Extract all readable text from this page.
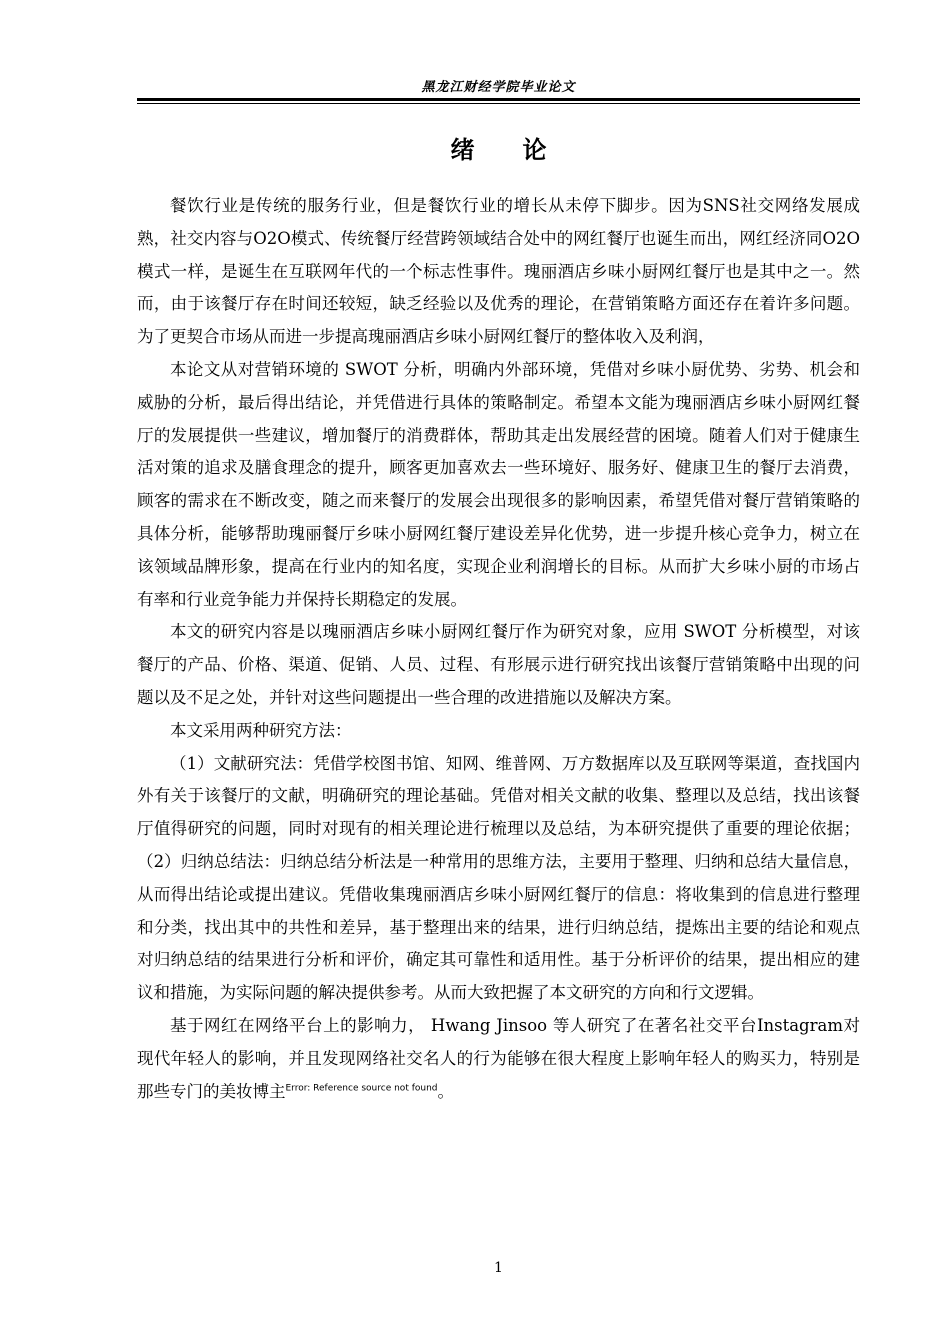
黑龙江财经学院毕业论文
绪论

餐饮行业是传统的服务行业，但是餐饮行业的增长从未停下脚步。因为SNS社交网络发展成熟，社交内容与O2O模式、传统餐厅经营跨领域结合处中的网红餐厅也诞生而出，网红经济同O2O模式一样，是诞生在互联网年代的一个标志性事件。瑰丽酒店乡味小厨网红餐厅也是其中之一。然而，由于该餐厅存在时间还较短，缺乏经验以及优秀的理论，在营销策略方面还存在着许多问题。为了更契合市场从而进一步提高瑰丽酒店乡味小厨网红餐厅的整体收入及利润，

本论文从对营销环境的 SWOT 分析，明确内外部环境，凭借对乡味小厨优势、劣势、机会和威胁的分析，最后得出结论，并凭借进行具体的策略制定。希望本文能为瑰丽酒店乡味小厨网红餐厅的发展提供一些建议，增加餐厅的消费群体，帮助其走出发展经营的困境。随着人们对于健康生活对策的追求及膳食理念的提升，顾客更加喜欢去一些环境好、服务好、健康卫生的餐厅去消费，顾客的需求在不断改变，随之而来餐厅的发展会出现很多的影响因素，希望凭借对餐厅营销策略的具体分析，能够帮助瑰丽餐厅乡味小厨网红餐厅建设差异化优势，进一步提升核心竞争力，树立在该领域品牌形象，提高在行业内的知名度，实现企业利润增长的目标。从而扩大乡味小厨的市场占有率和行业竞争能力并保持长期稳定的发展。

本文的研究内容是以瑰丽酒店乡味小厨网红餐厅作为研究对象，应用 SWOT 分析模型，对该餐厅的产品、价格、渠道、促销、人员、过程、有形展示进行研究找出该餐厅营销策略中出现的问题以及不足之处，并针对这些问题提出一些合理的改进措施以及解决方案。

本文采用两种研究方法：

（1）文献研究法：凭借学校图书馆、知网、维普网、万方数据库以及互联网等渠道，查找国内外有关于该餐厅的文献，明确研究的理论基础。凭借对相关文献的收集、整理以及总结，找出该餐厅值得研究的问题，同时对现有的相关理论进行梳理以及总结，为本研究提供了重要的理论依据；（2）归纳总结法：归纳总结分析法是一种常用的思维方法，主要用于整理、归纳和总结大量信息，从而得出结论或提出建议。凭借收集瑰丽酒店乡味小厨网红餐厅的信息：将收集到的信息进行整理和分类，找出其中的共性和差异，基于整理出来的结果，进行归纳总结，提炼出主要的结论和观点对归纳总结的结果进行分析和评价，确定其可靠性和适用性。基于分析评价的结果，提出相应的建议和措施，为实际问题的解决提供参考。从而大致把握了本文研究的方向和行文逻辑。

基于网红在网络平台上的影响力， Hwang Jinsoo 等人研究了在著名社交平台Instagram对现代年轻人的影响，并且发现网络社交名人的行为能够在很大程度上影响年轻人的购买力，特别是那些专门的美妆博主$^{Error: Reference source not found}$。

1
